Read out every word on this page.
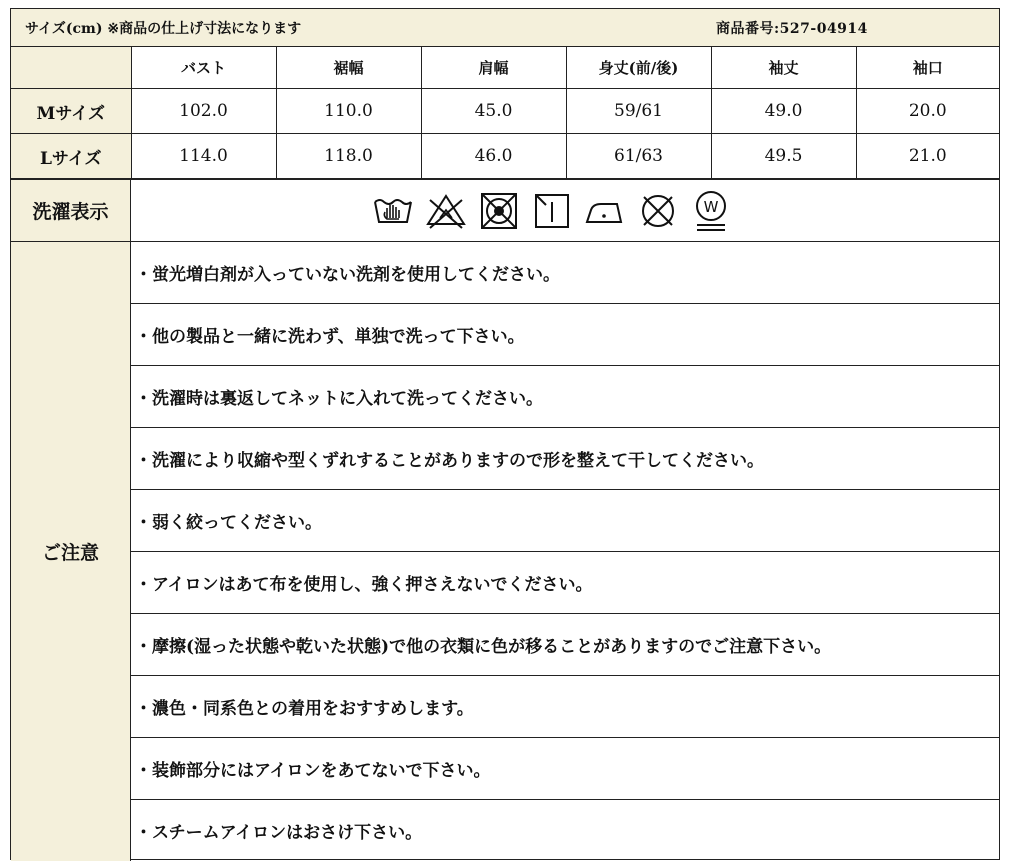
サイズ(cm) ※商品の仕上げ寸法になります	商品番号:527-04914
	バスト	裾幅	肩幅	身丈(前/後)	袖丈	袖口
Mサイズ	102.0	110.0	45.0	59/61	49.0	20.0
Lサイズ	114.0	118.0	46.0	61/63	49.5	21.0
洗濯表示	W
ご注意
・蛍光増白剤が入っていない洗剤を使用してください。
・他の製品と一緒に洗わず、単独で洗って下さい。
・洗濯時は裏返してネットに入れて洗ってください。
・洗濯により収縮や型くずれすることがありますので形を整えて干してください。
・弱く絞ってください。
・アイロンはあて布を使用し、強く押さえないでください。
・摩擦(湿った状態や乾いた状態)で他の衣類に色が移ることがありますのでご注意下さい。
・濃色・同系色との着用をおすすめします。
・装飾部分にはアイロンをあてないで下さい。
・スチームアイロンはおさけ下さい。
